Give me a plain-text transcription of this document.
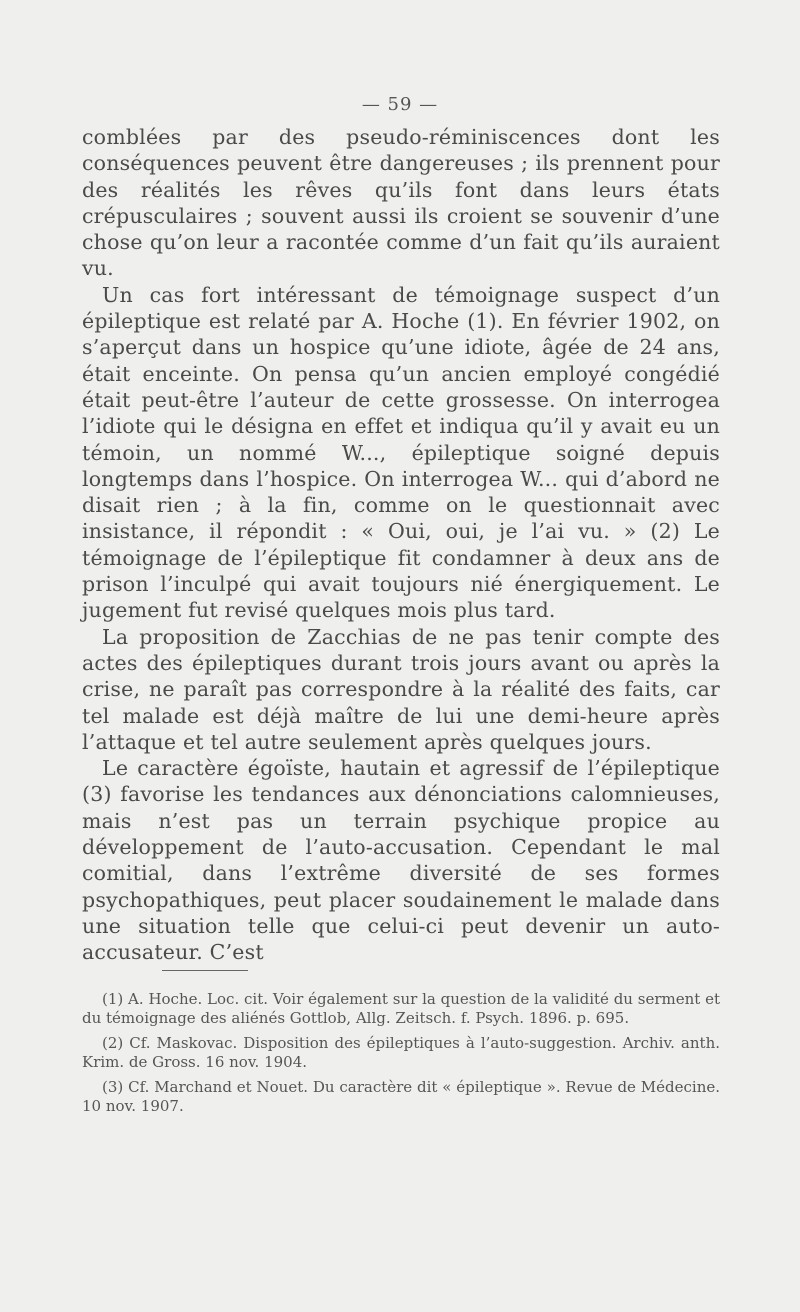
— 59 —

comblées par des pseudo-réminiscences dont les conséquences peuvent être dangereuses ; ils prennent pour des réalités les rêves qu’ils font dans leurs états crépusculaires ; souvent aussi ils croient se souvenir d’une chose qu’on leur a racontée comme d’un fait qu’ils auraient vu.

Un cas fort intéressant de témoignage suspect d’un épileptique est relaté par A. Hoche (1). En février 1902, on s’aperçut dans un hospice qu’une idiote, âgée de 24 ans, était enceinte. On pensa qu’un ancien employé congédié était peut-être l’auteur de cette grossesse. On interrogea l’idiote qui le désigna en effet et indiqua qu’il y avait eu un témoin, un nommé W..., épileptique soigné depuis longtemps dans l’hospice. On interrogea W... qui d’abord ne disait rien ; à la fin, comme on le questionnait avec insistance, il répondit : « Oui, oui, je l’ai vu. » (2) Le témoignage de l’épileptique fit condamner à deux ans de prison l’inculpé qui avait toujours nié énergiquement. Le jugement fut revisé quelques mois plus tard.

La proposition de Zacchias de ne pas tenir compte des actes des épileptiques durant trois jours avant ou après la crise, ne paraît pas correspondre à la réalité des faits, car tel malade est déjà maître de lui une demi-heure après l’attaque et tel autre seulement après quelques jours.

Le caractère égoïste, hautain et agressif de l’épileptique (3) favorise les tendances aux dénonciations calomnieuses, mais n’est pas un terrain psychique propice au développement de l’auto-accusation. Cependant le mal comitial, dans l’extrême diversité de ses formes psychopathiques, peut placer soudainement le malade dans une situation telle que celui-ci peut devenir un auto-accusateur. C’est

(1) A. Hoche. Loc. cit. Voir également sur la question de la validité du serment et du témoignage des aliénés Gottlob, Allg. Zeitsch. f. Psych. 1896. p. 695.

(2) Cf. Maskovac. Disposition des épileptiques à l’auto-suggestion. Archiv. anth. Krim. de Gross. 16 nov. 1904.

(3) Cf. Marchand et Nouet. Du caractère dit « épileptique ». Revue de Médecine. 10 nov. 1907.
